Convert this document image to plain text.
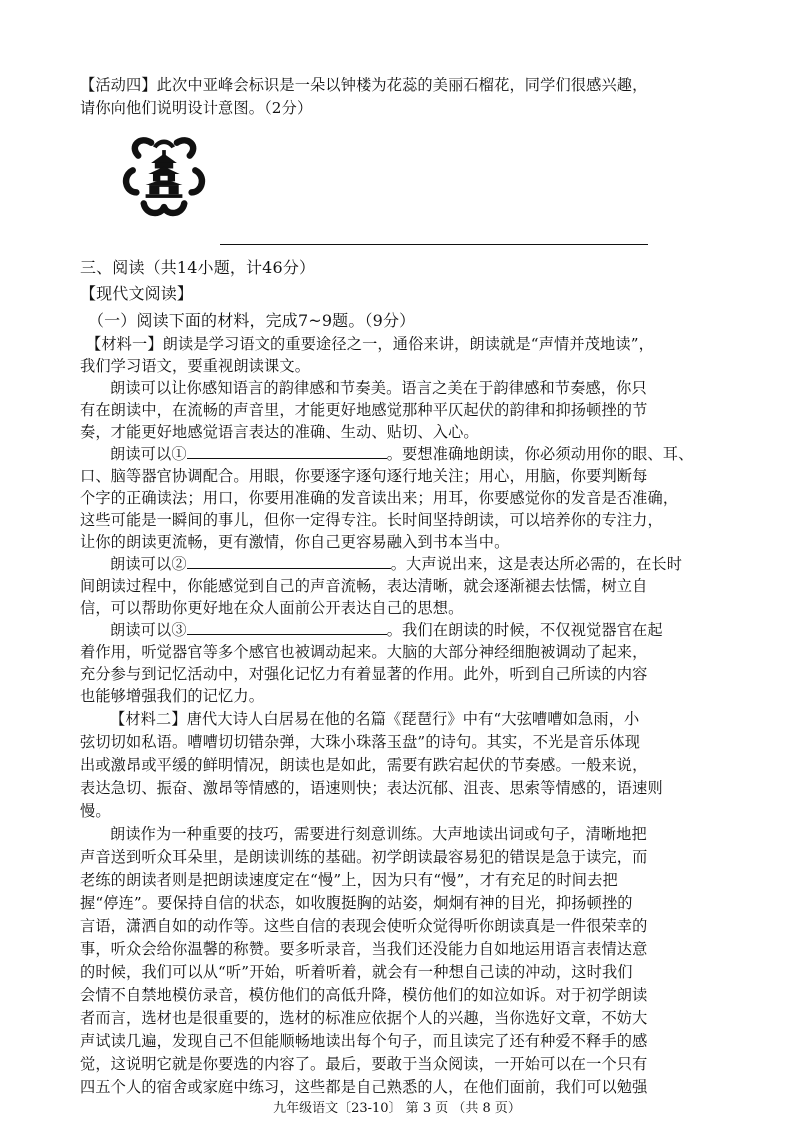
【活动四】此次中亚峰会标识是一朵以钟楼为花蕊的美丽石榴花，同学们很感兴趣，
请你向他们说明设计意图。（2分）
三、阅读（共14小题，计46分）
【现代文阅读】
（一）阅读下面的材料，完成7~9题。（9分）
【材料一】朗读是学习语文的重要途径之一，通俗来讲，朗读就是“声情并茂地读”，
我们学习语文，要重视朗读课文。
朗读可以让你感知语言的韵律感和节奏美。语言之美在于韵律感和节奏感，你只
有在朗读中，在流畅的声音里，才能更好地感觉那种平仄起伏的韵律和抑扬顿挫的节
奏，才能更好地感觉语言表达的准确、生动、贴切、入心。
朗读可以①	。要想准确地朗读，你必须动用你的眼、耳、
口、脑等器官协调配合。用眼，你要逐字逐句逐行地关注；用心，用脑，你要判断每
个字的正确读法；用口，你要用准确的发音读出来；用耳，你要感觉你的发音是否准确，
这些可能是一瞬间的事儿，但你一定得专注。长时间坚持朗读，可以培养你的专注力，
让你的朗读更流畅，更有激情，你自己更容易融入到书本当中。
朗读可以②	。大声说出来，这是表达所必需的，在长时
间朗读过程中，你能感觉到自己的声音流畅，表达清晰，就会逐渐褪去怯懦，树立自
信，可以帮助你更好地在众人面前公开表达自己的思想。
朗读可以③	。我们在朗读的时候，不仅视觉器官在起
着作用，听觉器官等多个感官也被调动起来。大脑的大部分神经细胞被调动了起来，
充分参与到记忆活动中，对强化记忆力有着显著的作用。此外，听到自己所读的内容
也能够增强我们的记忆力。
【材料二】唐代大诗人白居易在他的名篇《琵琶行》中有“大弦嘈嘈如急雨，小
弦切切如私语。嘈嘈切切错杂弹，大珠小珠落玉盘”的诗句。其实，不光是音乐体现
出或激昂或平缓的鲜明情况，朗读也是如此，需要有跌宕起伏的节奏感。一般来说，
表达急切、振奋、激昂等情感的，语速则快；表达沉郁、沮丧、思索等情感的，语速则
慢。
朗读作为一种重要的技巧，需要进行刻意训练。大声地读出词或句子，清晰地把
声音送到听众耳朵里，是朗读训练的基础。初学朗读最容易犯的错误是急于读完，而
老练的朗读者则是把朗读速度定在“慢”上，因为只有“慢”，才有充足的时间去把
握“停连”。要保持自信的状态，如收腹挺胸的站姿，炯炯有神的目光，抑扬顿挫的
言语，潇洒自如的动作等。这些自信的表现会使听众觉得听你朗读真是一件很荣幸的
事，听众会给你温馨的称赞。要多听录音，当我们还没能力自如地运用语言表情达意
的时候，我们可以从“听”开始，听着听着，就会有一种想自己读的冲动，这时我们
会情不自禁地模仿录音，模仿他们的高低升降，模仿他们的如泣如诉。对于初学朗读
者而言，选材也是很重要的，选材的标准应依据个人的兴趣，当你选好文章，不妨大
声试读几遍，发现自己不但能顺畅地读出每个句子，而且读完了还有种爱不释手的感
觉，这说明它就是你要选的内容了。最后，要敢于当众阅读，一开始可以在一个只有
四五个人的宿舍或家庭中练习，这些都是自己熟悉的人，在他们面前，我们可以勉强
九年级语文〔23-10〕 第 3 页 （共 8 页）
